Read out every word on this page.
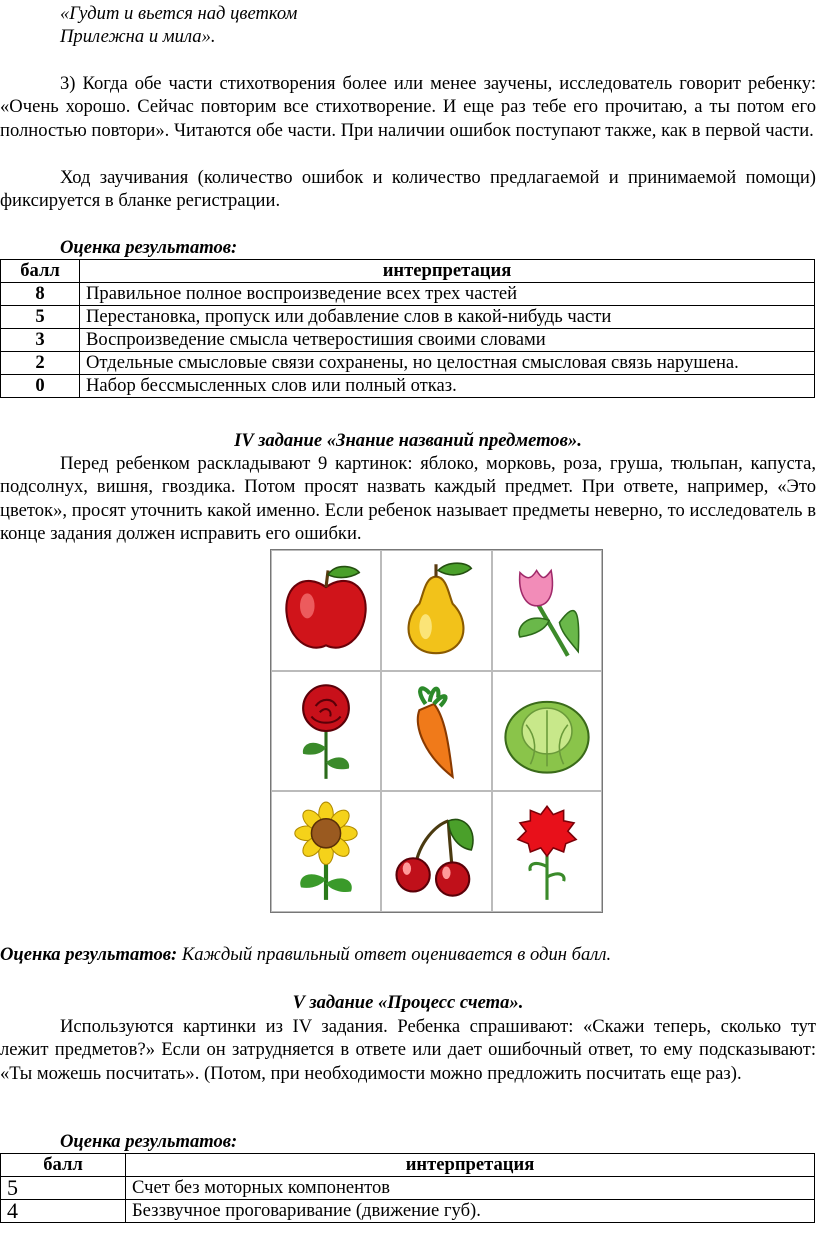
«Гудит и вьется над цветком
Прилежна и мила».

3) Когда обе части стихотворения более или менее заучены, исследователь говорит ребенку: «Очень хорошо. Сейчас повторим все стихотворение. И еще раз тебе его прочитаю, а ты потом его полностью повтори». Читаются обе части. При наличии ошибок поступают также, как в первой части.

Ход заучивания (количество ошибок и количество предлагаемой и принимаемой помощи) фиксируется в бланке регистрации.

Оценка результатов:
балл	интерпретация
8	Правильное полное воспроизведение всех трех частей
5	Перестановка, пропуск или добавление слов в какой-нибудь части
3	Воспроизведение смысла четверостишия своими словами
2	Отдельные смысловые связи сохранены, но целостная смысловая связь нарушена.
0	Набор бессмысленных слов или полный отказ.
IV задание «Знание названий предметов».

Перед ребенком раскладывают 9 картинок: яблоко, морковь, роза, груша, тюльпан, капуста, подсолнух, вишня, гвоздика. Потом просят назвать каждый предмет. При ответе, например, «Это цветок», просят уточнить какой именно. Если ребенок называет предметы неверно, то исследователь в конце задания должен исправить его ошибки.

Оценка результатов: Каждый правильный ответ оценивается в один балл.
V задание «Процесс счета».

Используются картинки из IV задания. Ребенка спрашивают: «Скажи теперь, сколько тут лежит предметов?» Если он затрудняется в ответе или дает ошибочный ответ, то ему подсказывают: «Ты можешь посчитать». (Потом, при необходимости можно предложить посчитать еще раз).

Оценка результатов:
балл	интерпретация
5	Счет без моторных компонентов
4	Беззвучное проговаривание (движение губ).
